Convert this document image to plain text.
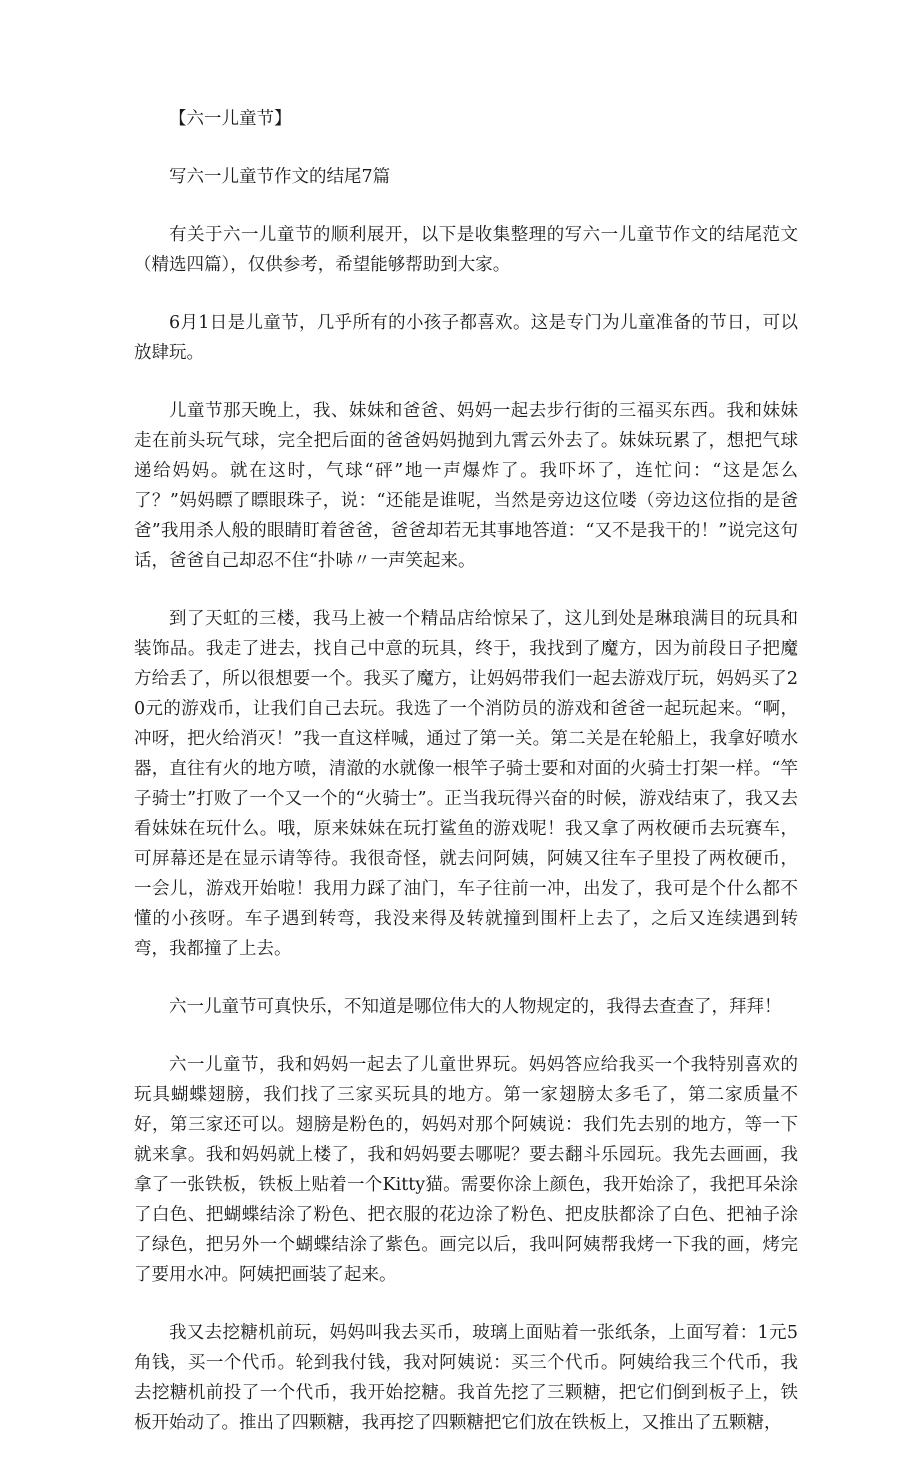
【六一儿童节】

写六一儿童节作文的结尾7篇

有关于六一儿童节的顺利展开，以下是收集整理的写六一儿童节作文的结尾范文（精选四篇），仅供参考，希望能够帮助到大家。

6月1日是儿童节，几乎所有的小孩子都喜欢。这是专门为儿童准备的节日，可以放肆玩。

儿童节那天晚上，我、妹妹和爸爸、妈妈一起去步行街的三福买东西。我和妹妹走在前头玩气球，完全把后面的爸爸妈妈抛到九霄云外去了。妹妹玩累了，想把气球递给妈妈。就在这时，气球“砰”地一声爆炸了。我吓坏了，连忙问：“这是怎么了？”妈妈瞟了瞟眼珠子，说：“还能是谁呢，当然是旁边这位喽（旁边这位指的是爸爸”我用杀人般的眼睛盯着爸爸，爸爸却若无其事地答道：“又不是我干的！”说完这句话，爸爸自己却忍不住“扑哧〃一声笑起来。

到了天虹的三楼，我马上被一个精品店给惊呆了，这儿到处是琳琅满目的玩具和装饰品。我走了进去，找自己中意的玩具，终于，我找到了魔方，因为前段日子把魔方给丢了，所以很想要一个。我买了魔方，让妈妈带我们一起去游戏厅玩，妈妈买了20元的游戏币，让我们自己去玩。我选了一个消防员的游戏和爸爸一起玩起来。“啊，冲呀，把火给消灭！”我一直这样喊，通过了第一关。第二关是在轮船上，我拿好喷水器，直往有火的地方喷，清澈的水就像一根竿子骑士要和对面的火骑士打架一样。“竿子骑士”打败了一个又一个的“火骑士”。正当我玩得兴奋的时候，游戏结束了，我又去看妹妹在玩什么。哦，原来妹妹在玩打鲨鱼的游戏呢！我又拿了两枚硬币去玩赛车，可屏幕还是在显示请等待。我很奇怪，就去问阿姨，阿姨又往车子里投了两枚硬币，一会儿，游戏开始啦！我用力踩了油门，车子往前一冲，出发了，我可是个什么都不懂的小孩呀。车子遇到转弯，我没来得及转就撞到围杆上去了，之后又连续遇到转弯，我都撞了上去。

六一儿童节可真快乐，不知道是哪位伟大的人物规定的，我得去查查了，拜拜！

六一儿童节，我和妈妈一起去了儿童世界玩。妈妈答应给我买一个我特别喜欢的玩具蝴蝶翅膀，我们找了三家买玩具的地方。第一家翅膀太多毛了，第二家质量不好，第三家还可以。翅膀是粉色的，妈妈对那个阿姨说：我们先去别的地方，等一下就来拿。我和妈妈就上楼了，我和妈妈要去哪呢？要去翻斗乐园玩。我先去画画，我拿了一张铁板，铁板上贴着一个Kitty猫。需要你涂上颜色，我开始涂了，我把耳朵涂了白色、把蝴蝶结涂了粉色、把衣服的花边涂了粉色、把皮肤都涂了白色、把袖子涂了绿色，把另外一个蝴蝶结涂了紫色。画完以后，我叫阿姨帮我烤一下我的画，烤完了要用水冲。阿姨把画装了起来。

我又去挖糖机前玩，妈妈叫我去买币，玻璃上面贴着一张纸条，上面写着：1元5角钱，买一个代币。轮到我付钱，我对阿姨说：买三个代币。阿姨给我三个代币，我去挖糖机前投了一个代币，我开始挖糖。我首先挖了三颗糖，把它们倒到板子上，铁板开始动了。推出了四颗糖，我再挖了四颗糖把它们放在铁板上，又推出了五颗糖，
